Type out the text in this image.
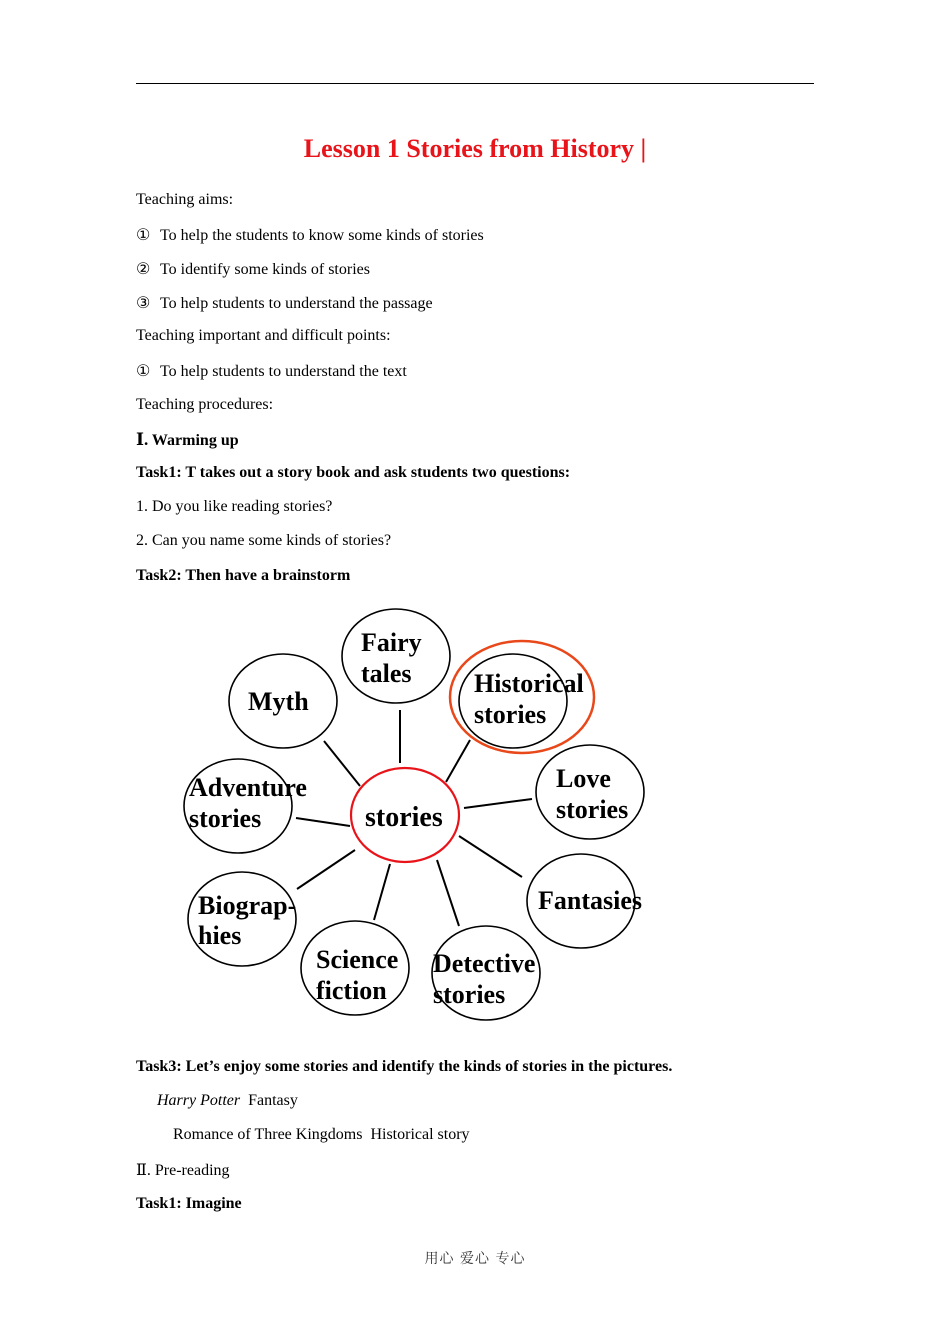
Lesson 1 Stories from History |
Teaching aims:
① To help the students to know some kinds of stories
② To identify some kinds of stories
③ To help students to understand the passage
Teaching important and difficult points:
① To help students to understand the text
Teaching procedures:
Ⅰ. Warming up
Task1: T takes out a story book and ask students two questions:
1. Do you like reading stories?
2. Can you name some kinds of stories?
Task2: Then have a brainstorm
stories
Fairy tales
Myth
Historical stories
Adventure stories
Love stories
Fantasies
Biograp- hies
Science fiction
Detective stories
Task3: Let’s enjoy some stories and identify the kinds of stories in the pictures.
Harry Potter Fantasy
Romance of Three Kingdoms Historical story
Ⅱ. Pre-reading
Task1: Imagine
用心 爱心 专心
